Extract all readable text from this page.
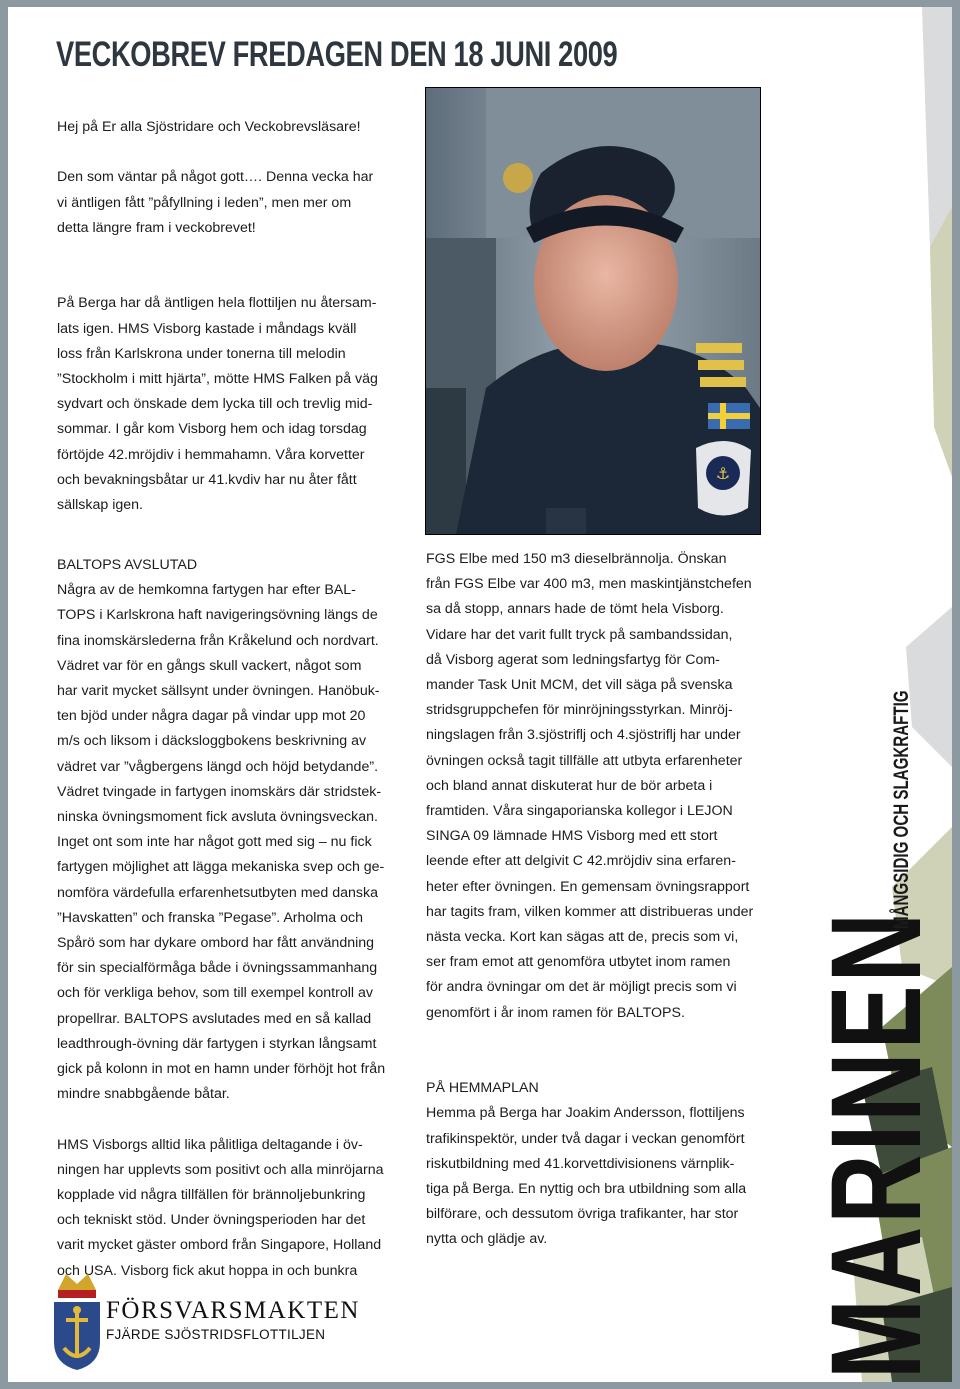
VECKOBREV FREDAGEN DEN 18 JUNI 2009

Hej på Er alla Sjöstridare och Veckobrevsläsare!

Den som väntar på något gott…. Denna vecka har

vi äntligen fått ”påfyllning i leden”, men mer om

detta längre fram i veckobrevet!

På Berga har då äntligen hela flottiljen nu återsam-

lats igen. HMS Visborg kastade i måndags kväll

loss från Karlskrona under tonerna till melodin

”Stockholm i mitt hjärta”, mötte HMS Falken på väg

sydvart och önskade dem lycka till och trevlig mid-

sommar. I går kom Visborg hem och idag torsdag

förtöjde 42.mröjdiv i hemmahamn. Våra korvetter

och bevakningsbåtar ur 41.kvdiv har nu åter fått

sällskap igen.

⚓

BALTOPS AVSLUTAD

Några av de hemkomna fartygen har efter BAL-

TOPS i Karlskrona haft navigeringsövning längs de

fina inomskärslederna från Kråkelund och nordvart.

Vädret var för en gångs skull vackert, något som

har varit mycket sällsynt under övningen. Hanöbuk-

ten bjöd under några dagar på vindar upp mot 20

m/s och liksom i däcksloggbokens beskrivning av

vädret var ”vågbergens längd och höjd betydande”.

Vädret tvingade in fartygen inomskärs där stridstek-

ninska övningsmoment fick avsluta övningsveckan.

Inget ont som inte har något gott med sig – nu fick

fartygen möjlighet att lägga mekaniska svep och ge-

nomföra värdefulla erfarenhetsutbyten med danska

”Havskatten” och franska ”Pegase”. Arholma och

Spårö som har dykare ombord har fått användning

för sin specialförmåga både i övningssammanhang

och för verkliga behov, som till exempel kontroll av

propellrar. BALTOPS avslutades med en så kallad

leadthrough-övning där fartygen i styrkan långsamt

gick på kolonn in mot en hamn under förhöjt hot från

mindre snabbgående båtar.

HMS Visborgs alltid lika pålitliga deltagande i öv-

ningen har upplevts som positivt och alla minröjarna

kopplade vid några tillfällen för brännoljebunkring

och tekniskt stöd. Under övningsperioden har det

varit mycket gäster ombord från Singapore, Holland

och USA. Visborg fick akut hoppa in och bunkra

FGS Elbe med 150 m3 dieselbrännolja. Önskan

från FGS Elbe var 400 m3, men maskintjänstchefen

sa då stopp, annars hade de tömt hela Visborg.

Vidare har det varit fullt tryck på sambandssidan,

då Visborg agerat som ledningsfartyg för Com-

mander Task Unit MCM, det vill säga på svenska

stridsgruppchefen för minröjningsstyrkan. Minröj-

ningslagen från 3.sjöstriflj och 4.sjöstriflj har under

övningen också tagit tillfälle att utbyta erfarenheter

och bland annat diskuterat hur de bör arbeta i

framtiden. Våra singaporianska kollegor i LEJON

SINGA 09 lämnade HMS Visborg med ett stort

leende efter att delgivit C 42.mröjdiv sina erfaren-

heter efter övningen. En gemensam övningsrapport

har tagits fram, vilken kommer att distribueras under

nästa vecka. Kort kan sägas att de, precis som vi,

ser fram emot att genomföra utbytet inom ramen

för andra övningar om det är möjligt precis som vi

genomfört i år inom ramen för BALTOPS.

PÅ HEMMAPLAN

Hemma på Berga har Joakim Andersson, flottiljens

trafikinspektör, under två dagar i veckan genomfört

riskutbildning med 41.korvettdivisionens värnplik-

tiga på Berga. En nyttig och bra utbildning som alla

bilförare, och dessutom övriga trafikanter, har stor

nytta och glädje av.	MARINEN
MÅNGSIDIG OCH SLAGKRAFTIG
FÖRSVARSMAKTEN
FJÄRDE SJÖSTRIDSFLOTTILJEN
